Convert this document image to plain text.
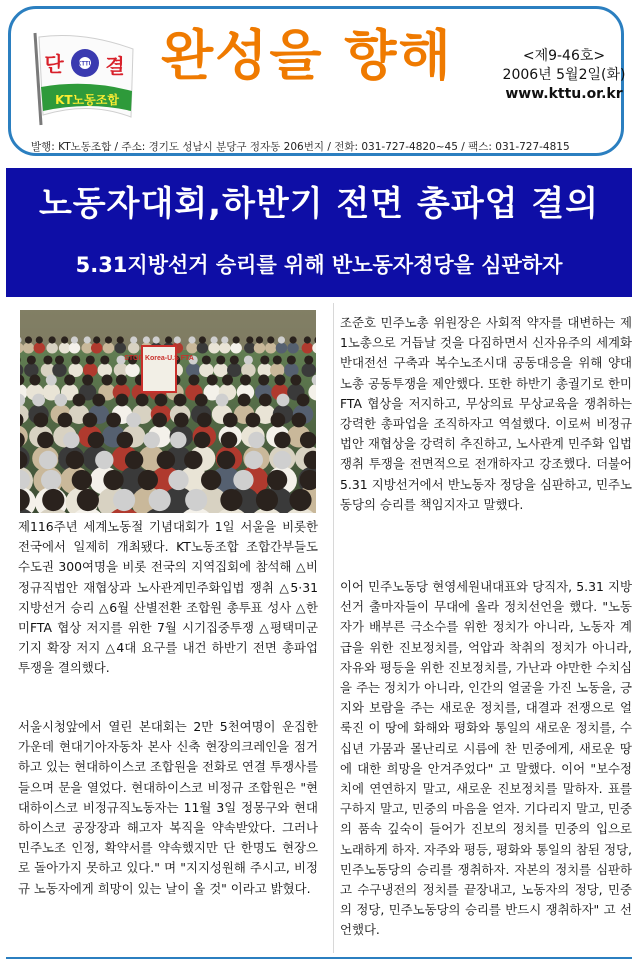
KTTU
단 결
KT노동조합
완성을 향해	<제9-46호>
2006년 5월2일(화)
www.kttu.or.kr
발행: KT노동조합 / 주소: 경기도 성남시 분당구 정자동 206번지 / 전화: 031-727-4820~45 / 팩스: 031-727-4815
노동자대회,하반기 전면 총파업 결의
5.31지방선거 승리를 위해 반노동자정당을 심판하자
STOP Korea-U.S FTA

제116주년 세계노동절 기념대회가 1일 서울을 비롯한 전국에서 일제히 개최됐다. KT노동조합 조합간부들도 수도권 300여명을 비롯 전국의 지역집회에 참석해 △비정규직법안 재협상과 노사관계민주화입법 쟁취 △5·31 지방선거 승리 △6월 산별전환 조합원 총투표 성사 △한미FTA 협상 저지를 위한 7월 시기집중투쟁 △평택미군기지 확장 저지 △4대 요구를 내건 하반기 전면 총파업 투쟁을 결의했다.

서울시청앞에서 열린 본대회는 2만 5천여명이 운집한 가운데 현대기아자동차 본사 신축 현장의크레인을 점거하고 있는 현대하이스코 조합원을 전화로 연결 투쟁사를 들으며 문을 열었다. 현대하이스코 비정규 조합원은 "현대하이스코 비정규직노동자는 11월 3일 정몽구와 현대하이스코 공장장과 해고자 복직을 약속받았다. 그러나 민주노조 인정, 확약서를 약속했지만 단 한명도 현장으로 돌아가지 못하고 있다." 며 "지지성원해 주시고, 비정규 노동자에게 희망이 있는 날이 올 것" 이라고 밝혔다.

조준호 민주노총 위원장은 사회적 약자를 대변하는 제1노총으로 거듭날 것을 다짐하면서 신자유주의 세계화 반대전선 구축과 복수노조시대 공동대응을 위해 양대노총 공동투쟁을 제안했다. 또한 하반기 총궐기로 한미 FTA 협상을 저지하고, 무상의료 무상교육을 쟁취하는 강력한 총파업을 조직하자고 역설했다. 이로써 비정규법안 재협상을 강력히 추진하고, 노사관계 민주화 입법 쟁취 투쟁을 전면적으로 전개하자고 강조했다. 더불어 5.31 지방선거에서 반노동자 정당을 심판하고, 민주노동당의 승리를 책임지자고 말했다.

이어 민주노동당 현영세원내대표와 당직자, 5.31 지방선거 출마자들이 무대에 올라 정치선언을 했다. "노동자가 배부른 극소수를 위한 정치가 아니라, 노동자 계급을 위한 진보정치를, 억압과 착취의 정치가 아니라, 자유와 평등을 위한 진보정치를, 가난과 야만한 수치심을 주는 정치가 아니라, 인간의 얼굴을 가진 노동을, 긍지와 보람을 주는 새로운 정치를, 대결과 전쟁으로 얼룩진 이 땅에 화해와 평화와 통일의 새로운 정치를, 수십년 가뭄과 몰난리로 시름에 찬 민중에게, 새로운 땅에 대한 희망을 안겨주었다" 고 말했다. 이어 "보수정치에 연연하지 말고, 새로운 진보정치를 말하자. 표를 구하지 말고, 민중의 마음을 얻자. 기다리지 말고, 민중의 품속 깊숙이 들어가 진보의 정치를 민중의 입으로 노래하게 하자. 자주와 평등, 평화와 통일의 참된 정당, 민주노동당의 승리를 쟁취하자. 자본의 정치를 심판하고 수구냉전의 정치를 끝장내고, 노동자의 정당, 민중의 정당, 민주노동당의 승리를 반드시 쟁취하자" 고 선언했다.
